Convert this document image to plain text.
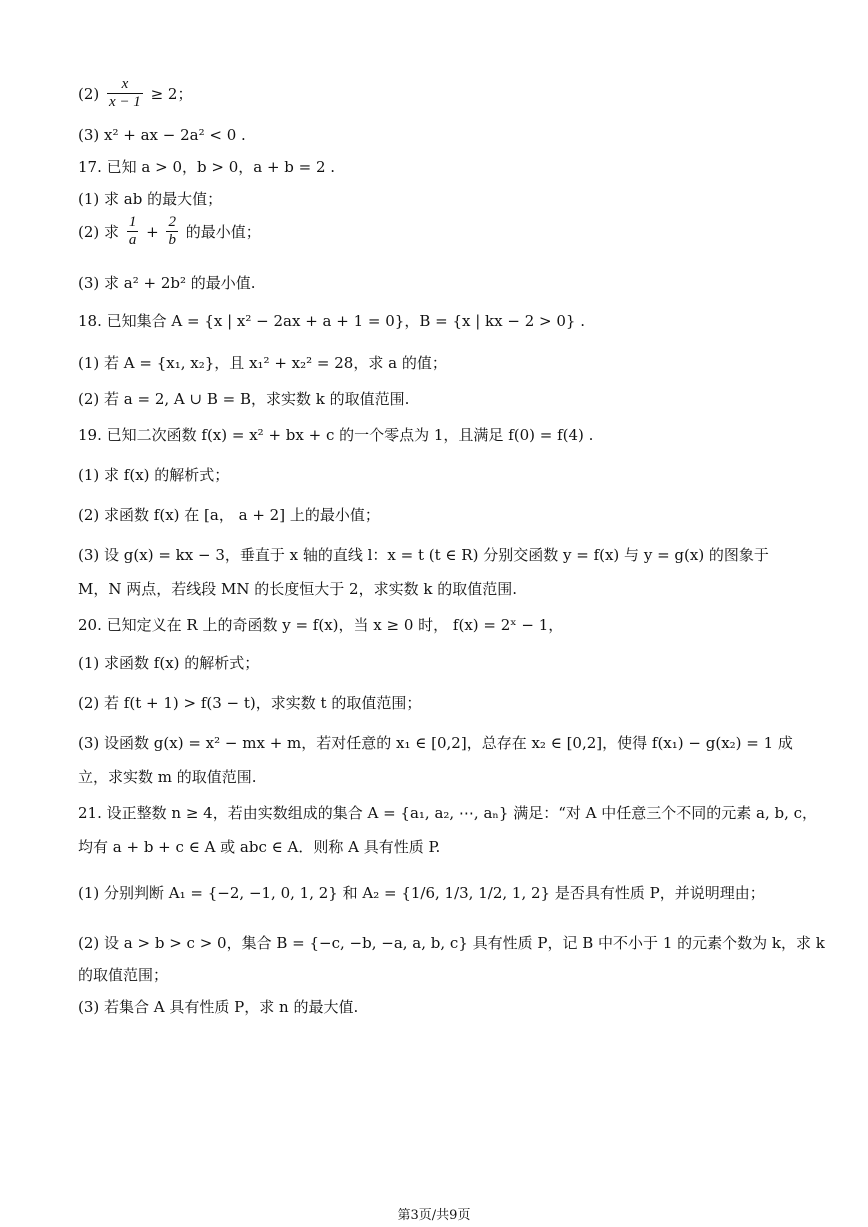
$(2) \frac{x}{x - 1} \ge 2$；
(3) x² + ax − 2a² < 0 .
17. 已知 a > 0，b > 0，a + b = 2 .
(1) 求 ab 的最大值；
(2) 求 $\frac{1}{a} + \frac{2}{b}$ 的最小值；
(3) 求 a² + 2b² 的最小值.
18. 已知集合 A = {x | x² − 2ax + a + 1 = 0}，B = {x | kx − 2 > 0} .
(1) 若 A = {x₁, x₂}，且 x₁² + x₂² = 28，求 a 的值；
(2) 若 a = 2, A ∪ B = B，求实数 k 的取值范围.
19. 已知二次函数 f(x) = x² + bx + c 的一个零点为 1，且满足 f(0) = f(4) .
(1) 求 f(x) 的解析式；
(2) 求函数 f(x) 在 [a， a + 2] 上的最小值；
(3) 设 g(x) = kx − 3，垂直于 x 轴的直线 l：x = t (t ∈ R) 分别交函数 y = f(x) 与 y = g(x) 的图象于
M，N 两点，若线段 MN 的长度恒大于 2，求实数 k 的取值范围.
20. 已知定义在 R 上的奇函数 y = f(x)，当 x ≥ 0 时， f(x) = 2ˣ − 1，
(1) 求函数 f(x) 的解析式；
(2) 若 f(t + 1) > f(3 − t)，求实数 t 的取值范围；
(3) 设函数 g(x) = x² − mx + m，若对任意的 x₁ ∈ [0,2]，总存在 x₂ ∈ [0,2]，使得 f(x₁) − g(x₂) = 1 成
立，求实数 m 的取值范围.
21. 设正整数 n ≥ 4，若由实数组成的集合 A = {a₁, a₂, ⋯, aₙ} 满足：“对 A 中任意三个不同的元素 a, b, c，
均有 a + b + c ∈ A 或 abc ∈ A．则称 A 具有性质 P.
(1) 分别判断 A₁ = {−2, −1, 0, 1, 2} 和 A₂ = {1/6, 1/3, 1/2, 1, 2} 是否具有性质 P，并说明理由；
(2) 设 a > b > c > 0，集合 B = {−c, −b, −a, a, b, c} 具有性质 P，记 B 中不小于 1 的元素个数为 k，求 k
的取值范围；
(3) 若集合 A 具有性质 P，求 n 的最大值.
第3页/共9页
